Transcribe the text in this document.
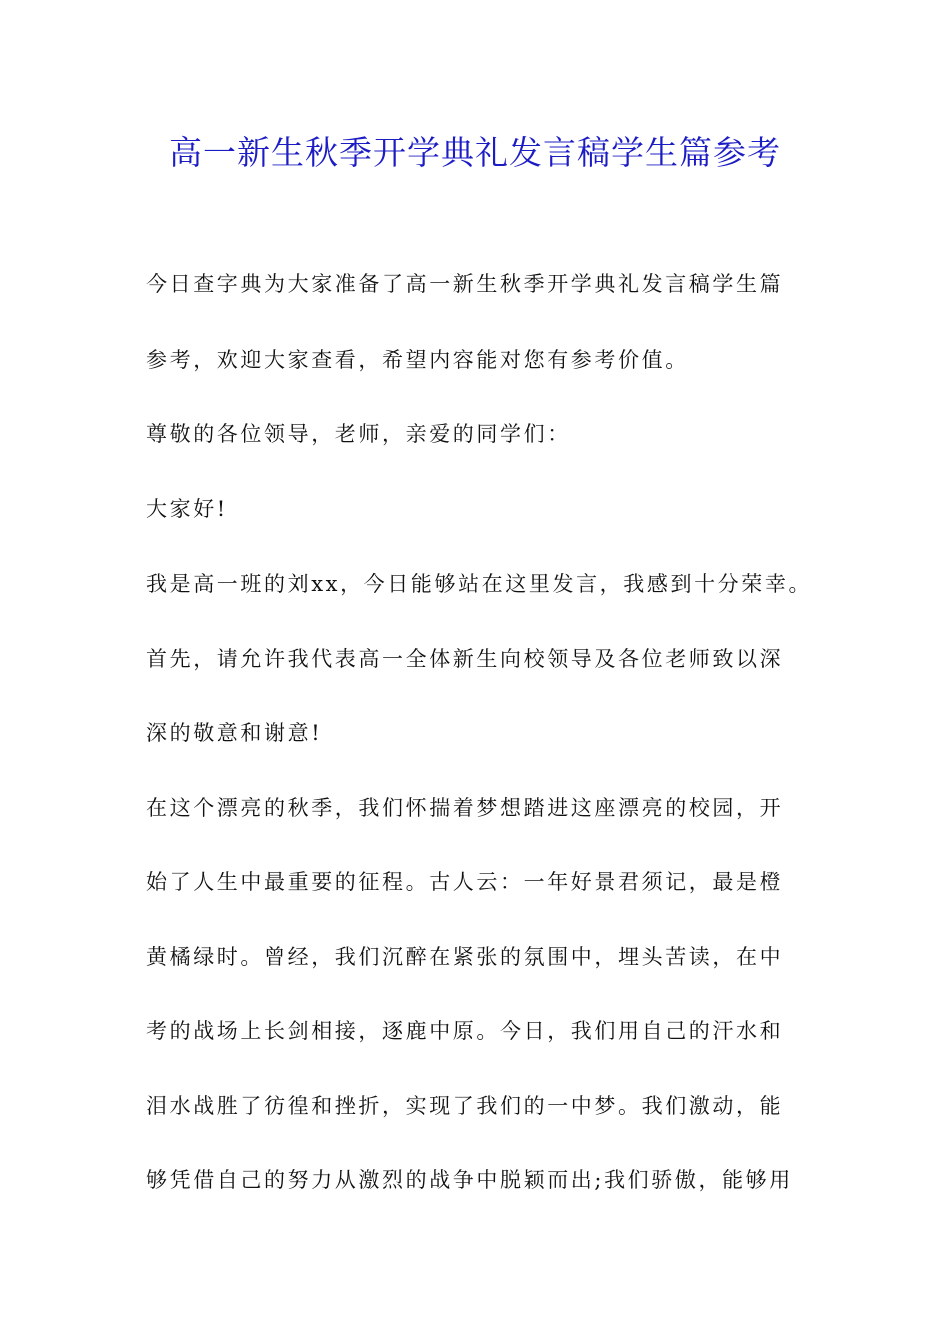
高一新生秋季开学典礼发言稿学生篇参考

今日查字典为大家准备了高一新生秋季开学典礼发言稿学生篇

参考，欢迎大家查看，希望内容能对您有参考价值。

尊敬的各位领导，老师，亲爱的同学们：

大家好!

我是高一班的刘xx，今日能够站在这里发言，我感到十分荣幸。

首先，请允许我代表高一全体新生向校领导及各位老师致以深

深的敬意和谢意!

在这个漂亮的秋季，我们怀揣着梦想踏进这座漂亮的校园，开

始了人生中最重要的征程。古人云：一年好景君须记，最是橙

黄橘绿时。曾经，我们沉醉在紧张的氛围中，埋头苦读，在中

考的战场上长剑相接，逐鹿中原。今日，我们用自己的汗水和

泪水战胜了彷徨和挫折，实现了我们的一中梦。我们激动，能

够凭借自己的努力从激烈的战争中脱颖而出;我们骄傲，能够用
